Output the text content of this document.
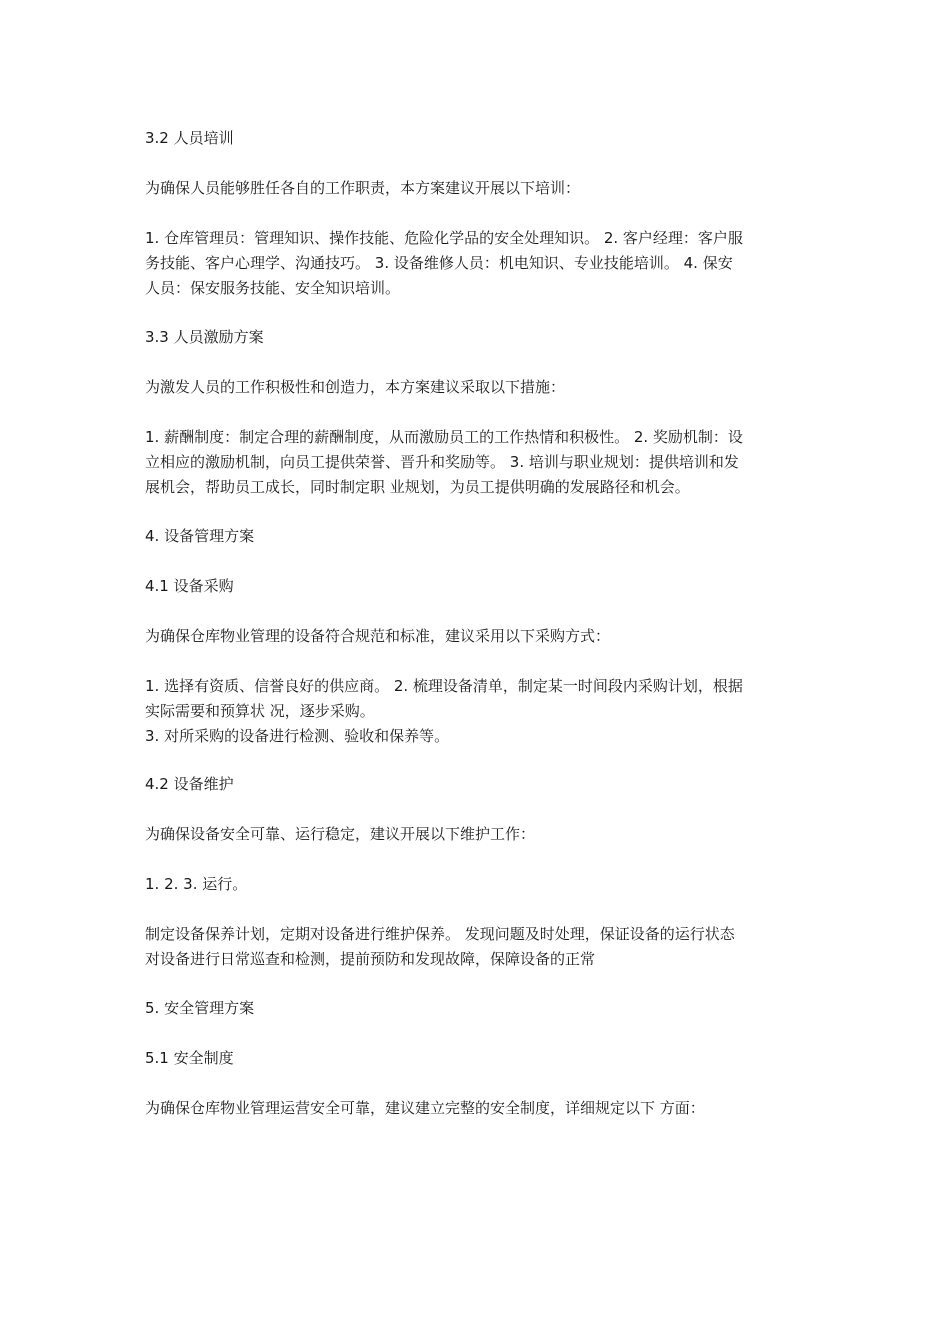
3.2 人员培训
为确保人员能够胜任各自的工作职责，本方案建议开展以下培训：
1. 仓库管理员：管理知识、操作技能、危险化学品的安全处理知识。 2. 客户经理：客户服
务技能、客户心理学、沟通技巧。 3. 设备维修人员：机电知识、专业技能培训。 4. 保安
人员：保安服务技能、安全知识培训。
3.3 人员激励方案
为激发人员的工作积极性和创造力，本方案建议采取以下措施：
1. 薪酬制度：制定合理的薪酬制度，从而激励员工的工作热情和积极性。 2. 奖励机制：设
立相应的激励机制，向员工提供荣誉、晋升和奖励等。 3. 培训与职业规划：提供培训和发
展机会，帮助员工成长，同时制定职 业规划，为员工提供明确的发展路径和机会。
4. 设备管理方案
4.1 设备采购
为确保仓库物业管理的设备符合规范和标准，建议采用以下采购方式：
1. 选择有资质、信誉良好的供应商。 2. 梳理设备清单，制定某一时间段内采购计划，根据
实际需要和预算状 况，逐步采购。
3. 对所采购的设备进行检测、验收和保养等。
4.2 设备维护
为确保设备安全可靠、运行稳定，建议开展以下维护工作：
1. 2. 3. 运行。
制定设备保养计划，定期对设备进行维护保养。 发现问题及时处理，保证设备的运行状态
对设备进行日常巡查和检测，提前预防和发现故障，保障设备的正常
5. 安全管理方案
5.1 安全制度
为确保仓库物业管理运营安全可靠，建议建立完整的安全制度，详细规定以下 方面：
